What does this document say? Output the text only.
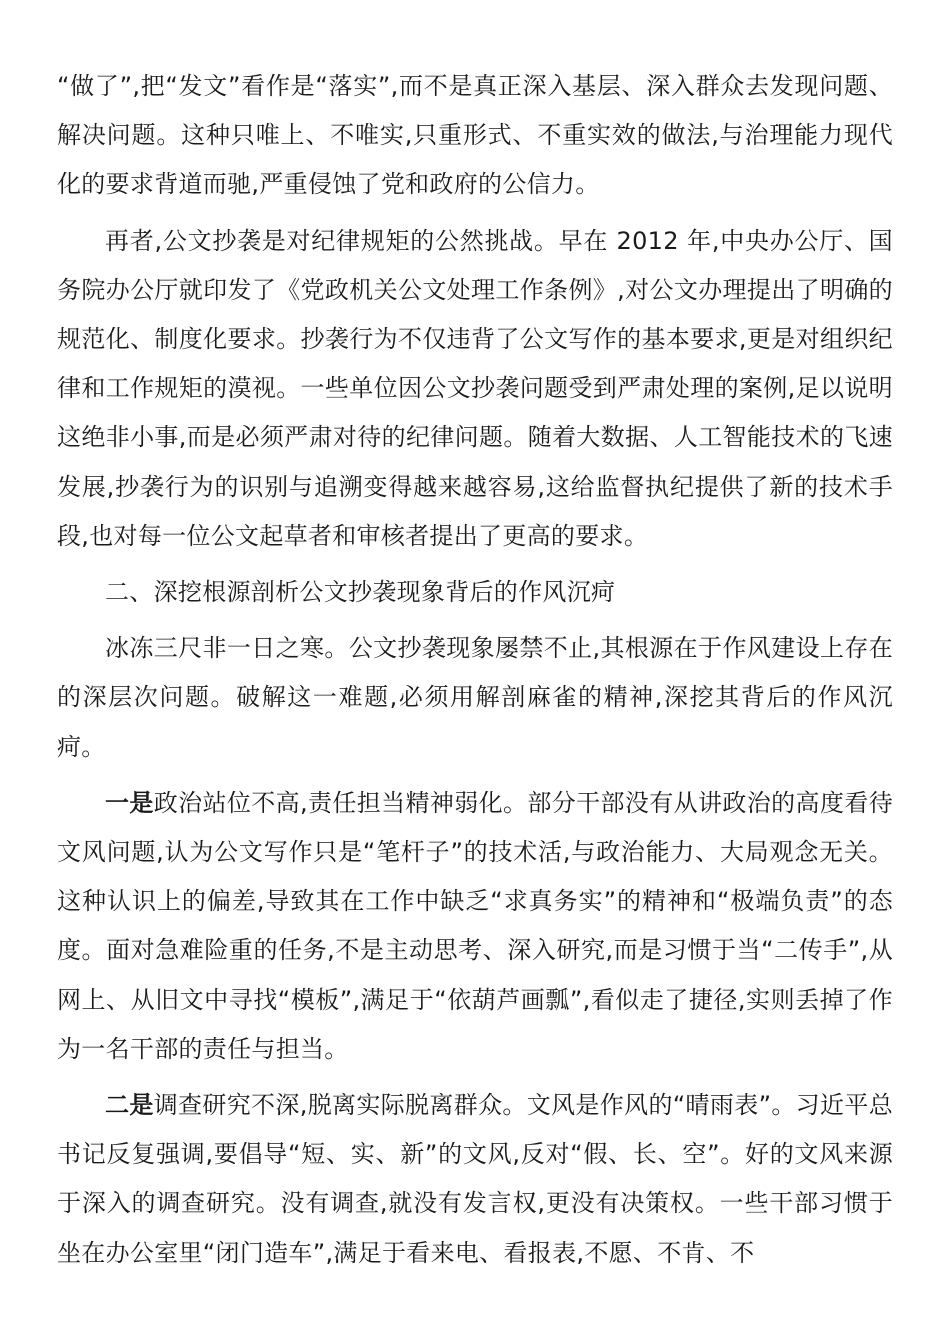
“做了”,把“发文”看作是“落实”,而不是真正深入基层、深入群众去发现问题、解决问题。这种只唯上、不唯实,只重形式、不重实效的做法,与治理能力现代化的要求背道而驰,严重侵蚀了党和政府的公信力。

再者,公文抄袭是对纪律规矩的公然挑战。早在 2012 年,中央办公厅、国务院办公厅就印发了《党政机关公文处理工作条例》,对公文办理提出了明确的规范化、制度化要求。抄袭行为不仅违背了公文写作的基本要求,更是对组织纪律和工作规矩的漠视。一些单位因公文抄袭问题受到严肃处理的案例,足以说明这绝非小事,而是必须严肃对待的纪律问题。随着大数据、人工智能技术的飞速发展,抄袭行为的识别与追溯变得越来越容易,这给监督执纪提供了新的技术手段,也对每一位公文起草者和审核者提出了更高的要求。

二、深挖根源剖析公文抄袭现象背后的作风沉疴

冰冻三尺非一日之寒。公文抄袭现象屡禁不止,其根源在于作风建设上存在的深层次问题。破解这一难题,必须用解剖麻雀的精神,深挖其背后的作风沉疴。

一是政治站位不高,责任担当精神弱化。部分干部没有从讲政治的高度看待文风问题,认为公文写作只是“笔杆子”的技术活,与政治能力、大局观念无关。这种认识上的偏差,导致其在工作中缺乏“求真务实”的精神和“极端负责”的态度。面对急难险重的任务,不是主动思考、深入研究,而是习惯于当“二传手”,从网上、从旧文中寻找“模板”,满足于“依葫芦画瓢”,看似走了捷径,实则丢掉了作为一名干部的责任与担当。

二是调查研究不深,脱离实际脱离群众。文风是作风的“晴雨表”。习近平总书记反复强调,要倡导“短、实、新”的文风,反对“假、长、空”。好的文风来源于深入的调查研究。没有调查,就没有发言权,更没有决策权。一些干部习惯于坐在办公室里“闭门造车”,满足于看来电、看报表,不愿、不肯、不
